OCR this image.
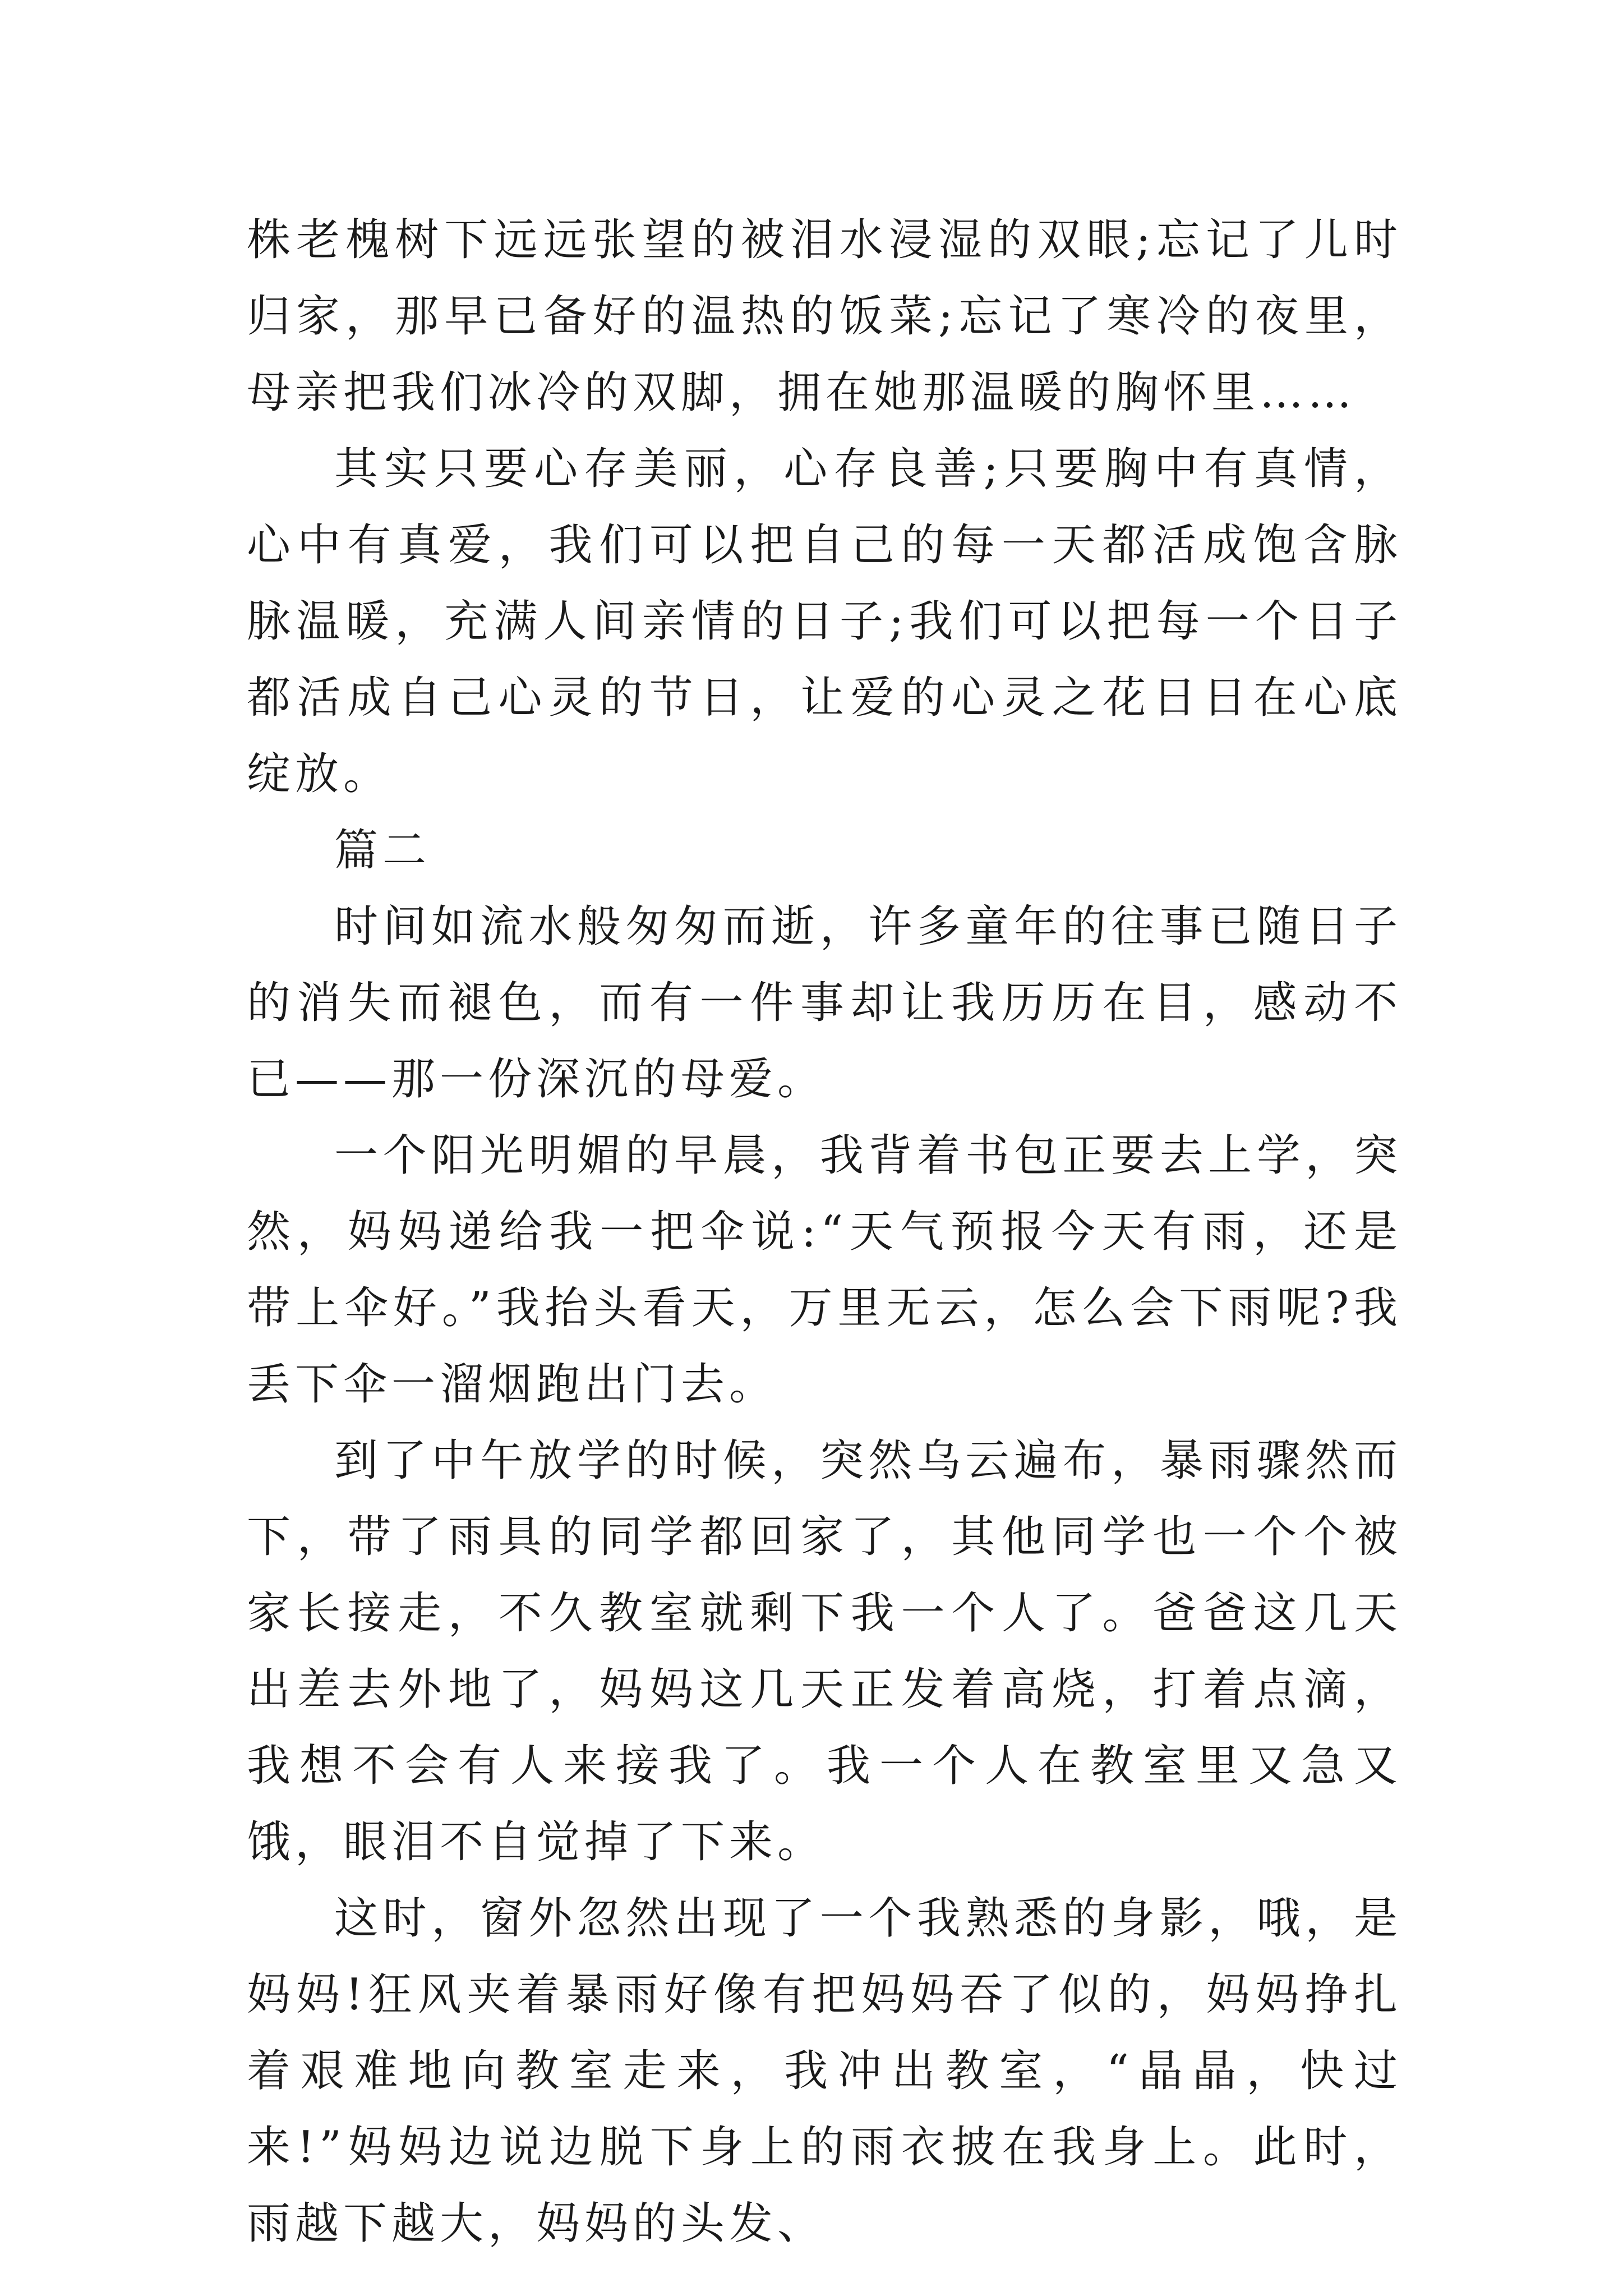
株老槐树下远远张望的被泪水浸湿的双眼;忘记了儿时归家，那早已备好的温热的饭菜;忘记了寒冷的夜里，母亲把我们冰冷的双脚，拥在她那温暖的胸怀里……

其实只要心存美丽，心存良善;只要胸中有真情，心中有真爱，我们可以把自己的每一天都活成饱含脉脉温暖，充满人间亲情的日子;我们可以把每一个日子都活成自己心灵的节日，让爱的心灵之花日日在心底绽放。

篇二

时间如流水般匆匆而逝，许多童年的往事已随日子的消失而褪色，而有一件事却让我历历在目，感动不已——那一份深沉的母爱。

一个阳光明媚的早晨，我背着书包正要去上学，突然，妈妈递给我一把伞说:“天气预报今天有雨，还是带上伞好。”我抬头看天，万里无云，怎么会下雨呢?我丢下伞一溜烟跑出门去。

到了中午放学的时候，突然乌云遍布，暴雨骤然而下，带了雨具的同学都回家了，其他同学也一个个被家长接走，不久教室就剩下我一个人了。爸爸这几天出差去外地了，妈妈这几天正发着高烧，打着点滴，我想不会有人来接我了。我一个人在教室里又急又饿，眼泪不自觉掉了下来。

这时，窗外忽然出现了一个我熟悉的身影，哦，是妈妈!狂风夹着暴雨好像有把妈妈吞了似的，妈妈挣扎着艰难地向教室走来，我冲出教室，“晶晶，快过来!”妈妈边说边脱下身上的雨衣披在我身上。此时，雨越下越大，妈妈的头发、
